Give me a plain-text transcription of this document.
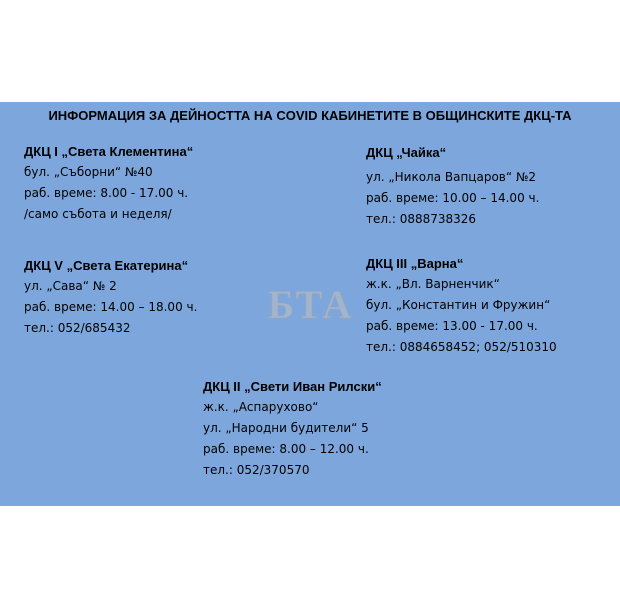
ИНФОРМАЦИЯ ЗА ДЕЙНОСТТА НА COVID КАБИНЕТИТЕ В ОБЩИНСКИТЕ ДКЦ-ТА
ДКЦ I „Света Клементина“
бул. „Съборни“ №40
раб. време: 8.00 - 17.00 ч.
/само събота и неделя/
ДКЦ „Чайка“
ул. „Никола Вапцаров“ №2
раб. време: 10.00 – 14.00 ч.
тел.: 0888738326
ДКЦ V „Света Екатерина“
ул. „Сава“ № 2
раб. време: 14.00 – 18.00 ч.
тел.: 052/685432
ДКЦ III „Варна“
ж.к. „Вл. Варненчик“
бул. „Константин и Фружин“
раб. време: 13.00 - 17.00 ч.
тел.: 0884658452; 052/510310
ДКЦ II „Свети Иван Рилски“
ж.к. „Аспарухово“
ул. „Народни будители“ 5
раб. време: 8.00 – 12.00 ч.
тел.: 052/370570
БТА
